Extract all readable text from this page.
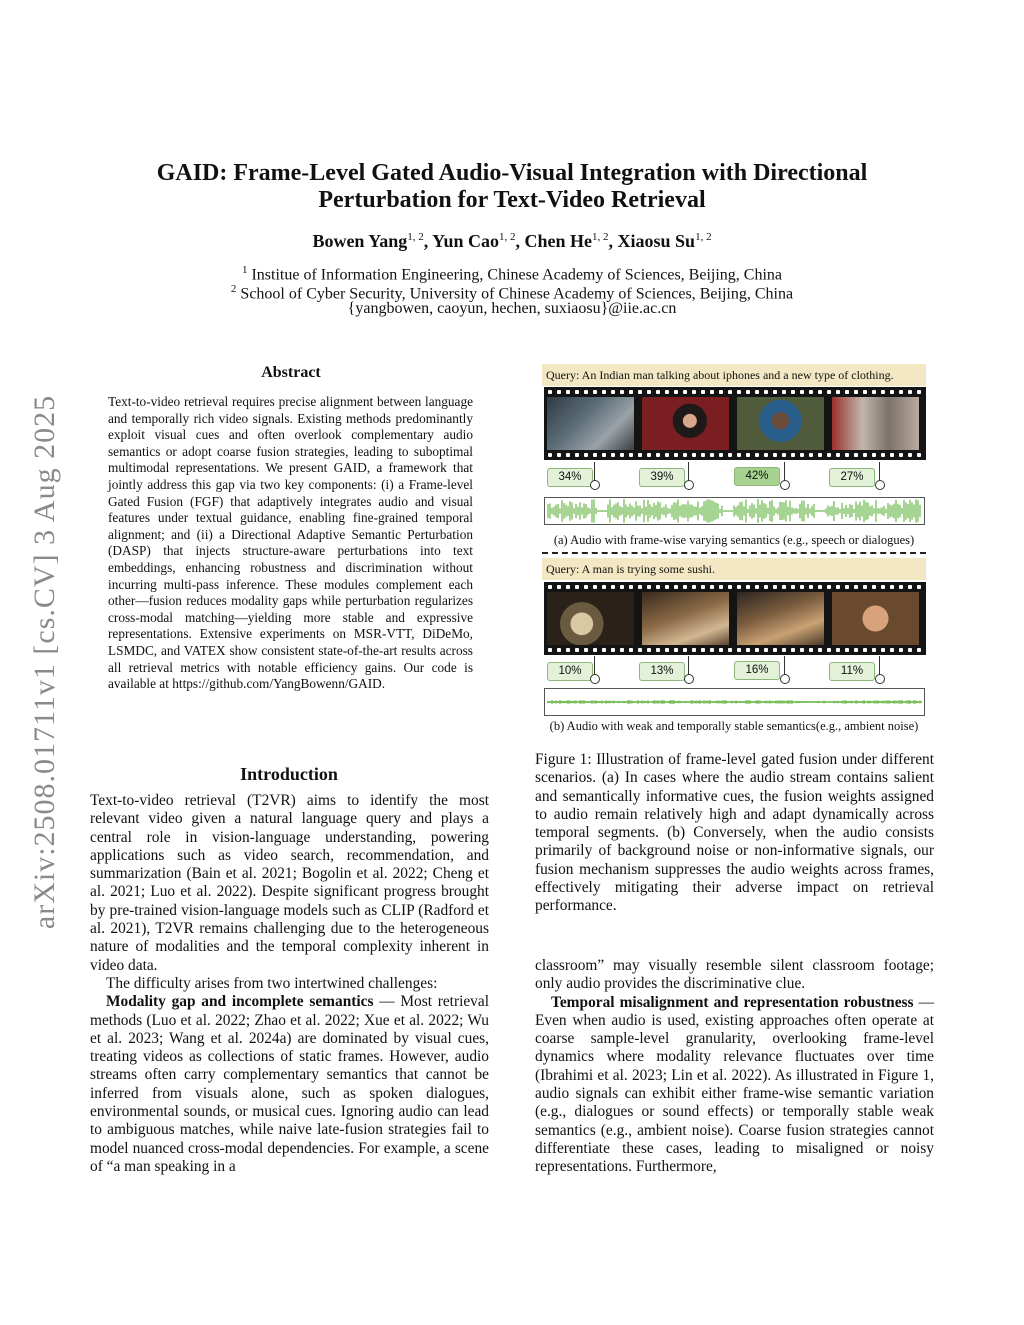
arXiv:2508.01711v1 [cs.CV] 3 Aug 2025
GAID: Frame-Level Gated Audio-Visual Integration with Directional
Perturbation for Text-Video Retrieval
Bowen Yang$^{1, 2}$, Yun Cao$^{1, 2}$, Chen He$^{1, 2}$, Xiaosu Su$^{1, 2}$
$^1$ Institue of Information Engineering, Chinese Academy of Sciences, Beijing, China
$^2$ School of Cyber Security, University of Chinese Academy of Sciences, Beijing, China
{yangbowen, caoyun, hechen, suxiaosu}@iie.ac.cn
Abstract
Text-to-video retrieval requires precise alignment between language and temporally rich video signals. Existing methods predominantly exploit visual cues and often overlook complementary audio semantics or adopt coarse fusion strategies, leading to suboptimal multimodal representations. We present GAID, a framework that jointly address this gap via two key components: (i) a Frame-level Gated Fusion (FGF) that adaptively integrates audio and visual features under textual guidance, enabling fine-grained temporal alignment; and (ii) a Directional Adaptive Semantic Perturbation (DASP) that injects structure-aware perturbations into text embeddings, enhancing robustness and discrimination without incurring multi-pass inference. These modules complement each other—fusion reduces modality gaps while perturbation regularizes cross-modal matching—yielding more stable and expressive representations. Extensive experiments on MSR-VTT, DiDeMo, LSMDC, and VATEX show consistent state-of-the-art results across all retrieval metrics with notable efficiency gains. Our code is available at https://github.com/YangBowenn/GAID.
Introduction

Text-to-video retrieval (T2VR) aims to identify the most relevant video given a natural language query and plays a central role in vision-language understanding, powering applications such as video search, recommendation, and summarization (Bain et al. 2021; Bogolin et al. 2022; Cheng et al. 2021; Luo et al. 2022). Despite significant progress brought by pre-trained vision-language models such as CLIP (Radford et al. 2021), T2VR remains challenging due to the heterogeneous nature of modalities and the temporal complexity inherent in video data.

The difficulty arises from two intertwined challenges:

Modality gap and incomplete semantics — Most retrieval methods (Luo et al. 2022; Zhao et al. 2022; Xue et al. 2022; Wu et al. 2023; Wang et al. 2024a) are dominated by visual cues, treating videos as collections of static frames. However, audio streams often carry complementary semantics that cannot be inferred from visuals alone, such as spoken dialogues, environmental sounds, or musical cues. Ignoring audio can lead to ambiguous matches, while naive late-fusion strategies fail to model nuanced cross-modal dependencies. For example, a scene of “a man speaking in a

Query: An Indian man talking about iphones and a new type of clothing.
34%	39%	42%	27%
(a) Audio with frame-wise varying semantics (e.g., speech or dialogues)
Query: A man is trying some sushi.
10%	13%	16%	11%
(b) Audio with weak and temporally stable semantics(e.g., ambient noise)
Figure 1: Illustration of frame-level gated fusion under different scenarios. (a) In cases where the audio stream contains salient and semantically informative cues, the fusion weights assigned to audio remain relatively high and adapt dynamically across temporal segments. (b) Conversely, when the audio consists primarily of background noise or non-informative signals, our fusion mechanism suppresses the audio weights across frames, effectively mitigating their adverse impact on retrieval performance.

classroom” may visually resemble silent classroom footage; only audio provides the discriminative clue.

Temporal misalignment and representation robustness — Even when audio is used, existing approaches often operate at coarse sample-level granularity, overlooking frame-level dynamics where modality relevance fluctuates over time (Ibrahimi et al. 2023; Lin et al. 2022). As illustrated in Figure 1, audio signals can exhibit either frame-wise semantic variation (e.g., dialogues or sound effects) or temporally stable weak semantics (e.g., ambient noise). Coarse fusion strategies cannot differentiate these cases, leading to misaligned or noisy representations. Furthermore,
